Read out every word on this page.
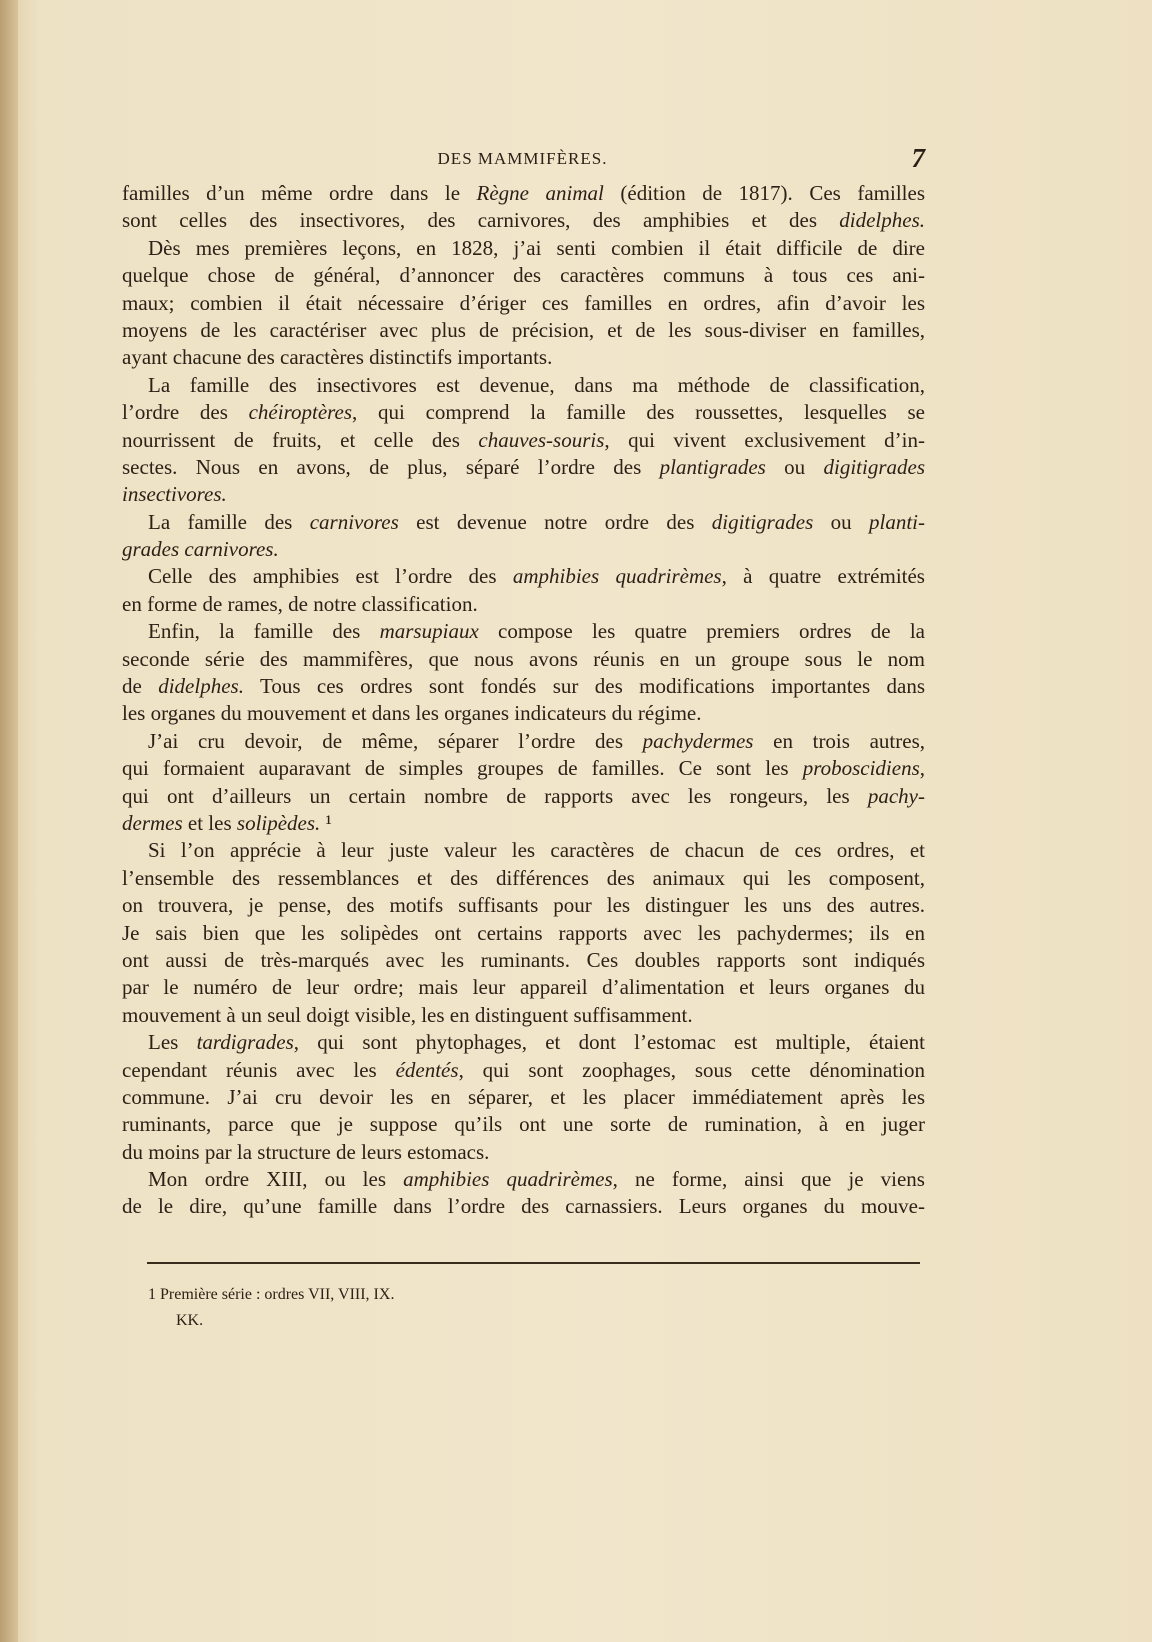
DES MAMMIFÈRES.	7
familles d’un même ordre dans le Règne animal (édition de 1817). Ces familles
sont celles des insectivores, des carnivores, des amphibies et des didelphes.
Dès mes premières leçons, en 1828, j’ai senti combien il était difficile de dire
quelque chose de général, d’annoncer des caractères communs à tous ces ani-
maux; combien il était nécessaire d’ériger ces familles en ordres, afin d’avoir les
moyens de les caractériser avec plus de précision, et de les sous-diviser en familles,
ayant chacune des caractères distinctifs importants.
La famille des insectivores est devenue, dans ma méthode de classification,
l’ordre des chéiroptères, qui comprend la famille des roussettes, lesquelles se
nourrissent de fruits, et celle des chauves-souris, qui vivent exclusivement d’in-
sectes. Nous en avons, de plus, séparé l’ordre des plantigrades ou digitigrades
insectivores.
La famille des carnivores est devenue notre ordre des digitigrades ou planti-
grades carnivores.
Celle des amphibies est l’ordre des amphibies quadrirèmes, à quatre extrémités
en forme de rames, de notre classification.
Enfin, la famille des marsupiaux compose les quatre premiers ordres de la
seconde série des mammifères, que nous avons réunis en un groupe sous le nom
de didelphes. Tous ces ordres sont fondés sur des modifications importantes dans
les organes du mouvement et dans les organes indicateurs du régime.
J’ai cru devoir, de même, séparer l’ordre des pachydermes en trois autres,
qui formaient auparavant de simples groupes de familles. Ce sont les proboscidiens,
qui ont d’ailleurs un certain nombre de rapports avec les rongeurs, les pachy-
dermes et les solipèdes. ¹
Si l’on apprécie à leur juste valeur les caractères de chacun de ces ordres, et
l’ensemble des ressemblances et des différences des animaux qui les composent,
on trouvera, je pense, des motifs suffisants pour les distinguer les uns des autres.
Je sais bien que les solipèdes ont certains rapports avec les pachydermes; ils en
ont aussi de très-marqués avec les ruminants. Ces doubles rapports sont indiqués
par le numéro de leur ordre; mais leur appareil d’alimentation et leurs organes du
mouvement à un seul doigt visible, les en distinguent suffisamment.
Les tardigrades, qui sont phytophages, et dont l’estomac est multiple, étaient
cependant réunis avec les édentés, qui sont zoophages, sous cette dénomination
commune. J’ai cru devoir les en séparer, et les placer immédiatement après les
ruminants, parce que je suppose qu’ils ont une sorte de rumination, à en juger
du moins par la structure de leurs estomacs.
Mon ordre XIII, ou les amphibies quadrirèmes, ne forme, ainsi que je viens
de le dire, qu’une famille dans l’ordre des carnassiers. Leurs organes du mouve-
1 Première série : ordres VII, VIII, IX.
KK.
